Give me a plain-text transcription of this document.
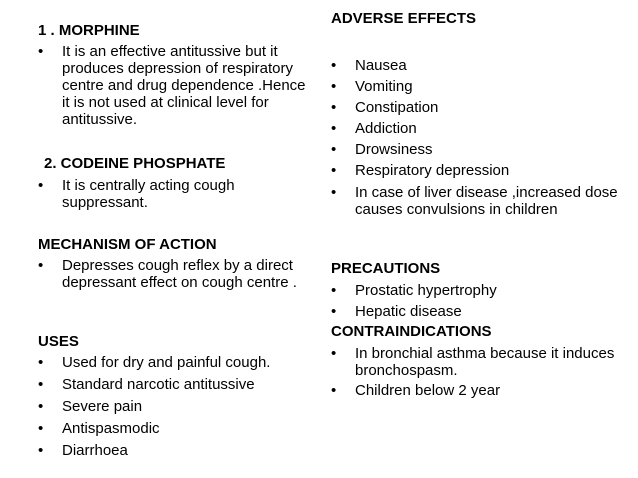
1 . MORPHINE
•	It is an effective antitussive but it produces depression of respiratory centre and drug dependence .Hence it is not used at clinical level for antitussive.
2. CODEINE PHOSPHATE
•	It is centrally acting cough suppressant.
MECHANISM OF ACTION
•	Depresses cough reflex by a direct depressant effect on cough centre .
USES
•	Used for dry and painful cough.
•	Standard narcotic antitussive
•	Severe pain
•	Antispasmodic
•	Diarrhoea
ADVERSE EFFECTS
•	Nausea
•	Vomiting
•	Constipation
•	Addiction
•	Drowsiness
•	Respiratory depression
•	In case of liver disease ,increased dose causes convulsions in children
PRECAUTIONS
•	Prostatic hypertrophy
•	Hepatic disease
CONTRAINDICATIONS
•	In bronchial asthma because it induces bronchospasm.
•	Children below 2 year
